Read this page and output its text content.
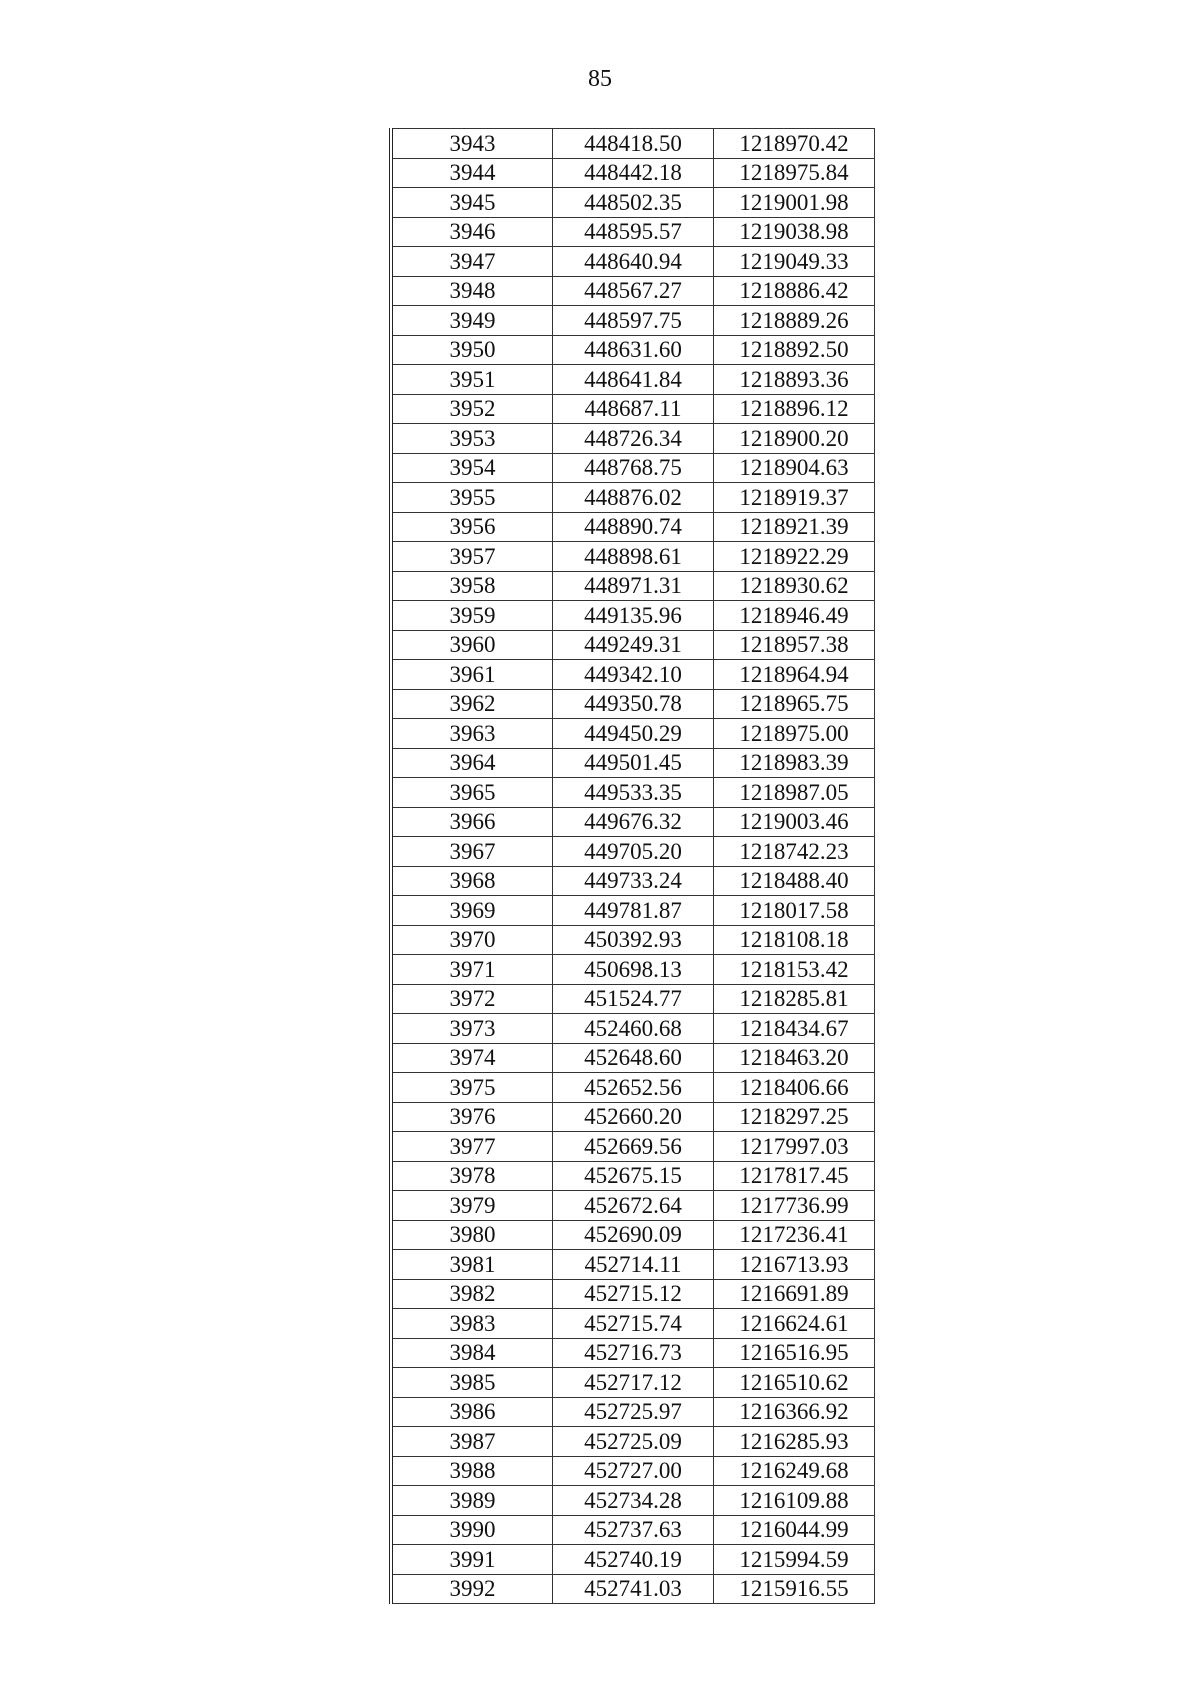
85
3943	448418.50	1218970.42
3944	448442.18	1218975.84
3945	448502.35	1219001.98
3946	448595.57	1219038.98
3947	448640.94	1219049.33
3948	448567.27	1218886.42
3949	448597.75	1218889.26
3950	448631.60	1218892.50
3951	448641.84	1218893.36
3952	448687.11	1218896.12
3953	448726.34	1218900.20
3954	448768.75	1218904.63
3955	448876.02	1218919.37
3956	448890.74	1218921.39
3957	448898.61	1218922.29
3958	448971.31	1218930.62
3959	449135.96	1218946.49
3960	449249.31	1218957.38
3961	449342.10	1218964.94
3962	449350.78	1218965.75
3963	449450.29	1218975.00
3964	449501.45	1218983.39
3965	449533.35	1218987.05
3966	449676.32	1219003.46
3967	449705.20	1218742.23
3968	449733.24	1218488.40
3969	449781.87	1218017.58
3970	450392.93	1218108.18
3971	450698.13	1218153.42
3972	451524.77	1218285.81
3973	452460.68	1218434.67
3974	452648.60	1218463.20
3975	452652.56	1218406.66
3976	452660.20	1218297.25
3977	452669.56	1217997.03
3978	452675.15	1217817.45
3979	452672.64	1217736.99
3980	452690.09	1217236.41
3981	452714.11	1216713.93
3982	452715.12	1216691.89
3983	452715.74	1216624.61
3984	452716.73	1216516.95
3985	452717.12	1216510.62
3986	452725.97	1216366.92
3987	452725.09	1216285.93
3988	452727.00	1216249.68
3989	452734.28	1216109.88
3990	452737.63	1216044.99
3991	452740.19	1215994.59
3992	452741.03	1215916.55
